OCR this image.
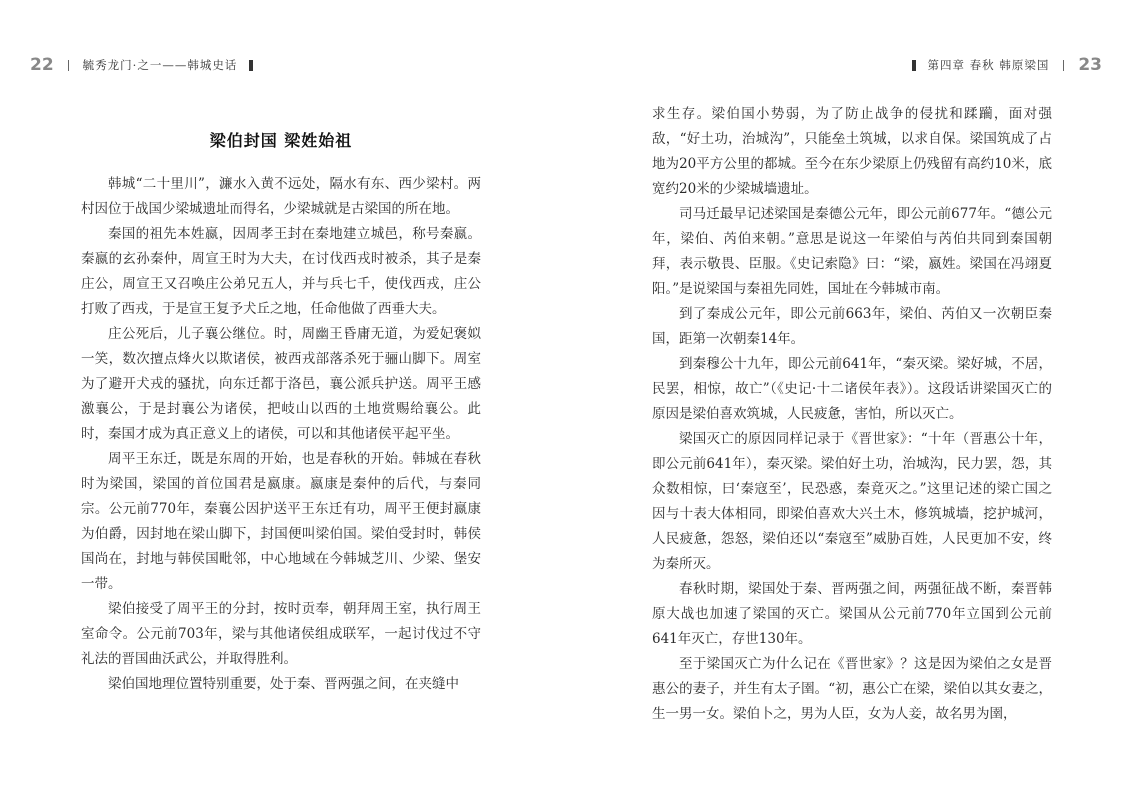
22	毓秀龙门·之一——韩城史话	第四章 春秋 韩原梁国 23
梁伯封国 梁姓始祖

韩城“二十里川”，濂水入黄不远处，隔水有东、西少梁村。两村因位于战国少梁城遗址而得名，少梁城就是古梁国的所在地。

秦国的祖先本姓嬴，因周孝王封在秦地建立城邑，称号秦嬴。秦嬴的玄孙秦仲，周宣王时为大夫，在讨伐西戎时被杀，其子是秦庄公，周宣王又召唤庄公弟兄五人，并与兵七千，使伐西戎，庄公打败了西戎，于是宣王复予犬丘之地，任命他做了西垂大夫。

庄公死后，儿子襄公继位。时，周幽王昏庸无道，为爱妃褒姒一笑，数次擅点烽火以欺诸侯，被西戎部落杀死于骊山脚下。周室为了避开犬戎的骚扰，向东迁都于洛邑，襄公派兵护送。周平王感激襄公，于是封襄公为诸侯，把岐山以西的土地赏赐给襄公。此时，秦国才成为真正意义上的诸侯，可以和其他诸侯平起平坐。

周平王东迁，既是东周的开始，也是春秋的开始。韩城在春秋时为梁国，梁国的首位国君是嬴康。嬴康是秦仲的后代，与秦同宗。公元前770年，秦襄公因护送平王东迁有功，周平王便封嬴康为伯爵，因封地在梁山脚下，封国便叫梁伯国。梁伯受封时，韩侯国尚在，封地与韩侯国毗邻，中心地域在今韩城芝川、少梁、堡安一带。

梁伯接受了周平王的分封，按时贡奉，朝拜周王室，执行周王室命令。公元前703年，梁与其他诸侯组成联军，一起讨伐过不守礼法的晋国曲沃武公，并取得胜利。

梁伯国地理位置特别重要，处于秦、晋两强之间，在夹缝中

求生存。梁伯国小势弱，为了防止战争的侵扰和蹂躏，面对强敌，“好土功，治城沟”，只能垒土筑城，以求自保。梁国筑成了占地为20平方公里的都城。至今在东少梁原上仍残留有高约10米，底宽约20米的少梁城墙遗址。

司马迁最早记述梁国是秦德公元年，即公元前677年。“德公元年，梁伯、芮伯来朝。”意思是说这一年梁伯与芮伯共同到秦国朝拜，表示敬畏、臣服。《史记索隐》曰：“梁，嬴姓。梁国在冯翊夏阳。”是说梁国与秦祖先同姓，国址在今韩城市南。

到了秦成公元年，即公元前663年，梁伯、芮伯又一次朝臣秦国，距第一次朝秦14年。

到秦穆公十九年，即公元前641年，“秦灭梁。梁好城，不居，民罢，相惊，故亡”（《史记·十二诸侯年表》）。这段话讲梁国灭亡的原因是梁伯喜欢筑城，人民疲惫，害怕，所以灭亡。

梁国灭亡的原因同样记录于《晋世家》：“十年（晋惠公十年，即公元前641年），秦灭梁。梁伯好土功，治城沟，民力罢，怨，其众数相惊，曰‘秦寇至’，民恐惑，秦竟灭之。”这里记述的梁亡国之因与十表大体相同，即梁伯喜欢大兴土木，修筑城墙，挖护城河，人民疲惫，怨怒，梁伯还以“秦寇至”威胁百姓，人民更加不安，终为秦所灭。

春秋时期，梁国处于秦、晋两强之间，两强征战不断，秦晋韩原大战也加速了梁国的灭亡。梁国从公元前770年立国到公元前641年灭亡，存世130年。

至于梁国灭亡为什么记在《晋世家》？这是因为梁伯之女是晋惠公的妻子，并生有太子圉。“初，惠公亡在梁，梁伯以其女妻之，生一男一女。梁伯卜之，男为人臣，女为人妾，故名男为圉，
